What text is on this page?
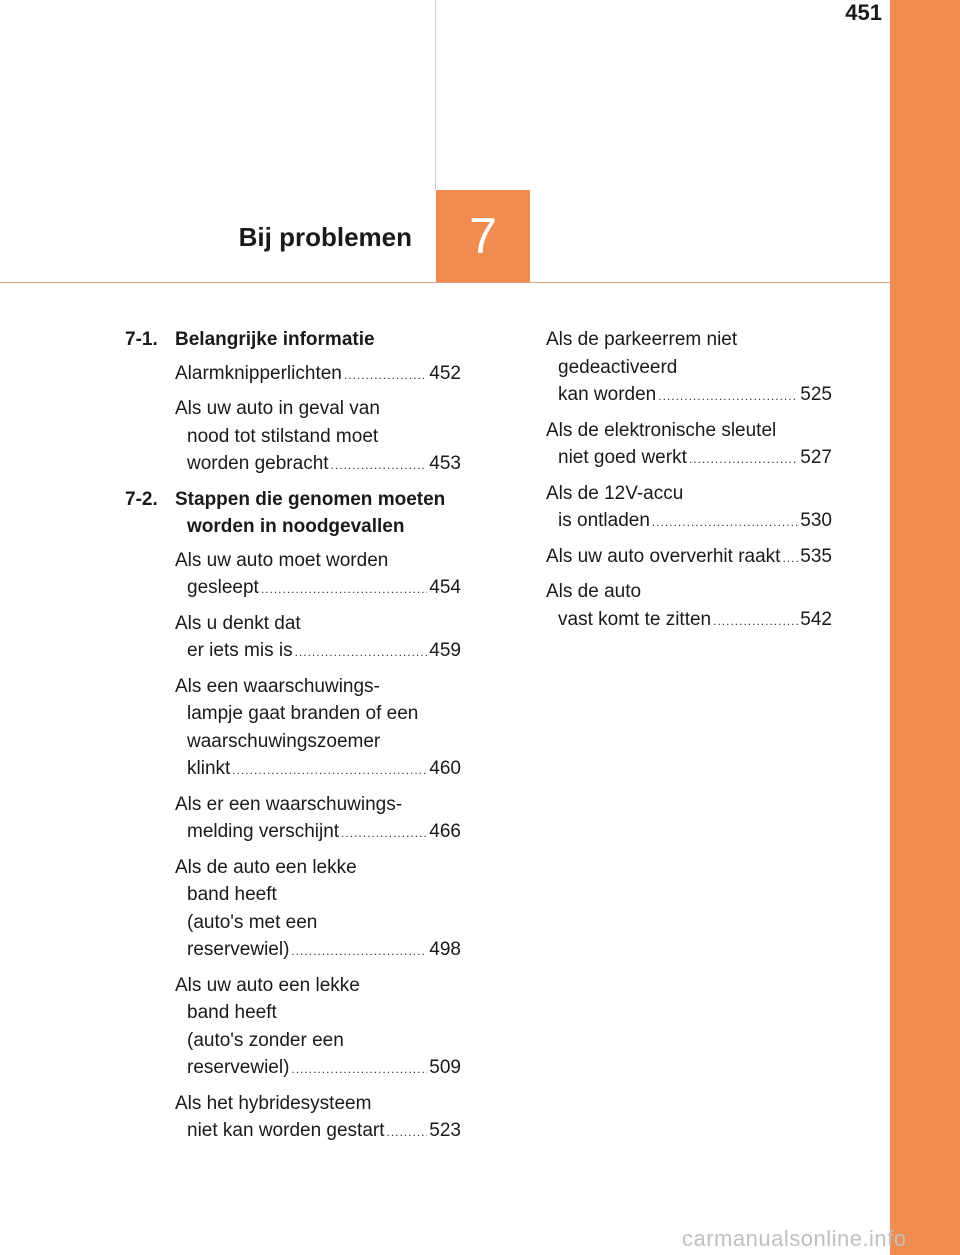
451
Bij problemen	7
7-1. Belangrijke informatie
Alarmknipperlichten .....	452
Als uw auto in geval van
nood tot stilstand moet
worden gebracht .....	453
7-2. Stappen die genomen moeten
worden in noodgevallen
Als uw auto moet worden
gesleept .....	454
Als u denkt dat
er iets mis is .....	459
Als een waarschuwings-
lampje gaat branden of een
waarschuwingszoemer
klinkt .....	460
Als er een waarschuwings-
melding verschijnt .....	466
Als de auto een lekke
band heeft
(auto's met een
reservewiel) .....	498
Als uw auto een lekke
band heeft
(auto's zonder een
reservewiel) .....	509
Als het hybridesysteem
niet kan worden gestart ..... 523
Als de parkeerrem niet
gedeactiveerd
kan worden .....	525
Als de elektronische sleutel
niet goed werkt .....	527
Als de 12V-accu
is ontladen .....	530
Als uw auto oververhit raakt ..... 535
Als de auto
vast komt te zitten .....	542
carmanualsonline.info
